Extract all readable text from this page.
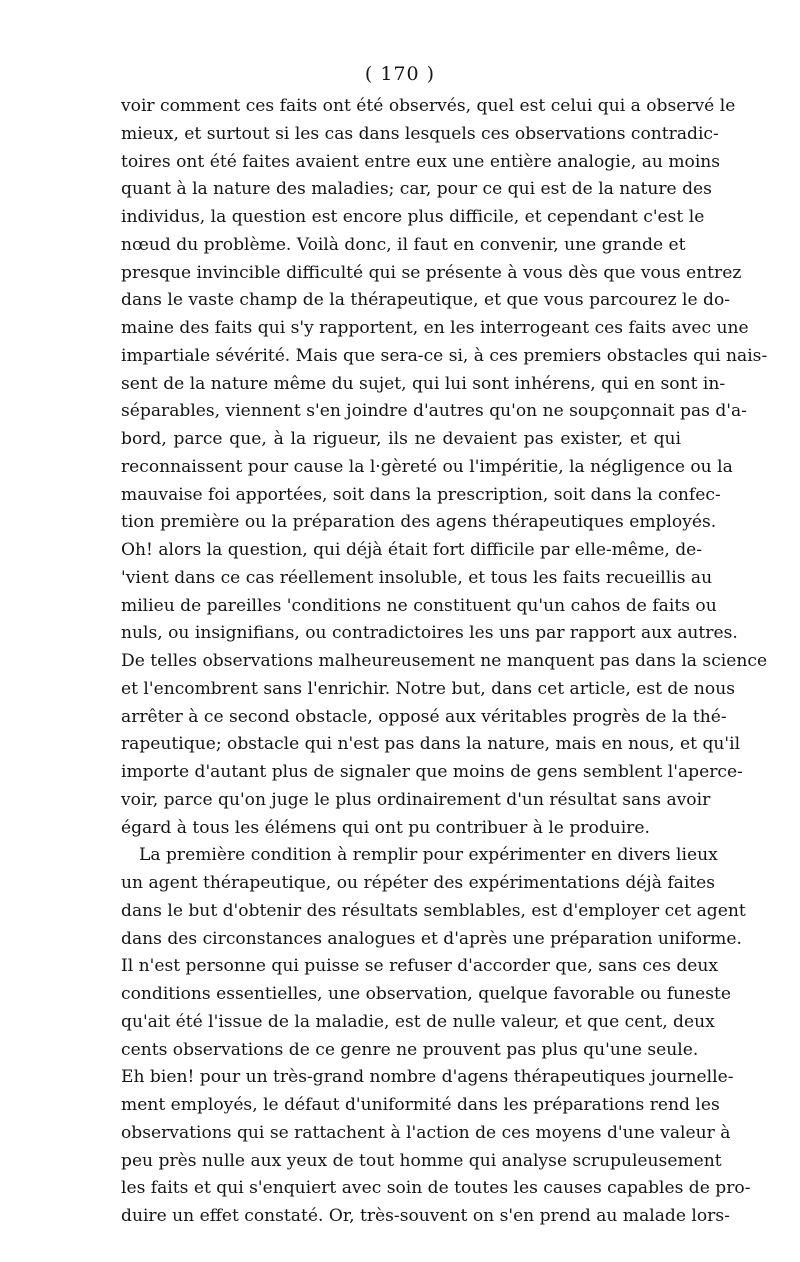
( 170 )
voir comment ces faits ont été observés, quel est celui qui a observé le
mieux, et surtout si les cas dans lesquels ces observations contradic-
toires ont été faites avaient entre eux une entière analogie, au moins
quant à la nature des maladies; car, pour ce qui est de la nature des
individus, la question est encore plus difficile, et cependant c'est le
nœud du problème. Voilà donc, il faut en convenir, une grande et
presque invincible difficulté qui se présente à vous dès que vous entrez
dans le vaste champ de la thérapeutique, et que vous parcourez le do-
maine des faits qui s'y rapportent, en les interrogeant ces faits avec une
impartiale sévérité. Mais que sera-ce si, à ces premiers obstacles qui nais-
sent de la nature même du sujet, qui lui sont inhérens, qui en sont in-
séparables, viennent s'en joindre d'autres qu'on ne soupçonnait pas d'a-
bord, parce que, à la rigueur, ils ne devaient pas exister, et qui
reconnaissent pour cause la l·gèreté ou l'impéritie, la négligence ou la
mauvaise foi apportées, soit dans la prescription, soit dans la confec-
tion première ou la préparation des agens thérapeutiques employés.
Oh! alors la question, qui déjà était fort difficile par elle-même, de-
'vient dans ce cas réellement insoluble, et tous les faits recueillis au
milieu de pareilles 'conditions ne constituent qu'un cahos de faits ou
nuls, ou insignifians, ou contradictoires les uns par rapport aux autres.
De telles observations malheureusement ne manquent pas dans la science
et l'encombrent sans l'enrichir. Notre but, dans cet article, est de nous
arrêter à ce second obstacle, opposé aux véritables progrès de la thé-
rapeutique; obstacle qui n'est pas dans la nature, mais en nous, et qu'il
importe d'autant plus de signaler que moins de gens semblent l'aperce-
voir, parce qu'on juge le plus ordinairement d'un résultat sans avoir
égard à tous les élémens qui ont pu contribuer à le produire.
La première condition à remplir pour expérimenter en divers lieux
un agent thérapeutique, ou répéter des expérimentations déjà faites
dans le but d'obtenir des résultats semblables, est d'employer cet agent
dans des circonstances analogues et d'après une préparation uniforme.
Il n'est personne qui puisse se refuser d'accorder que, sans ces deux
conditions essentielles, une observation, quelque favorable ou funeste
qu'ait été l'issue de la maladie, est de nulle valeur, et que cent, deux
cents observations de ce genre ne prouvent pas plus qu'une seule.
Eh bien! pour un très-grand nombre d'agens thérapeutiques journelle-
ment employés, le défaut d'uniformité dans les préparations rend les
observations qui se rattachent à l'action de ces moyens d'une valeur à
peu près nulle aux yeux de tout homme qui analyse scrupuleusement
les faits et qui s'enquiert avec soin de toutes les causes capables de pro-
duire un effet constaté. Or, très-souvent on s'en prend au malade lors-
